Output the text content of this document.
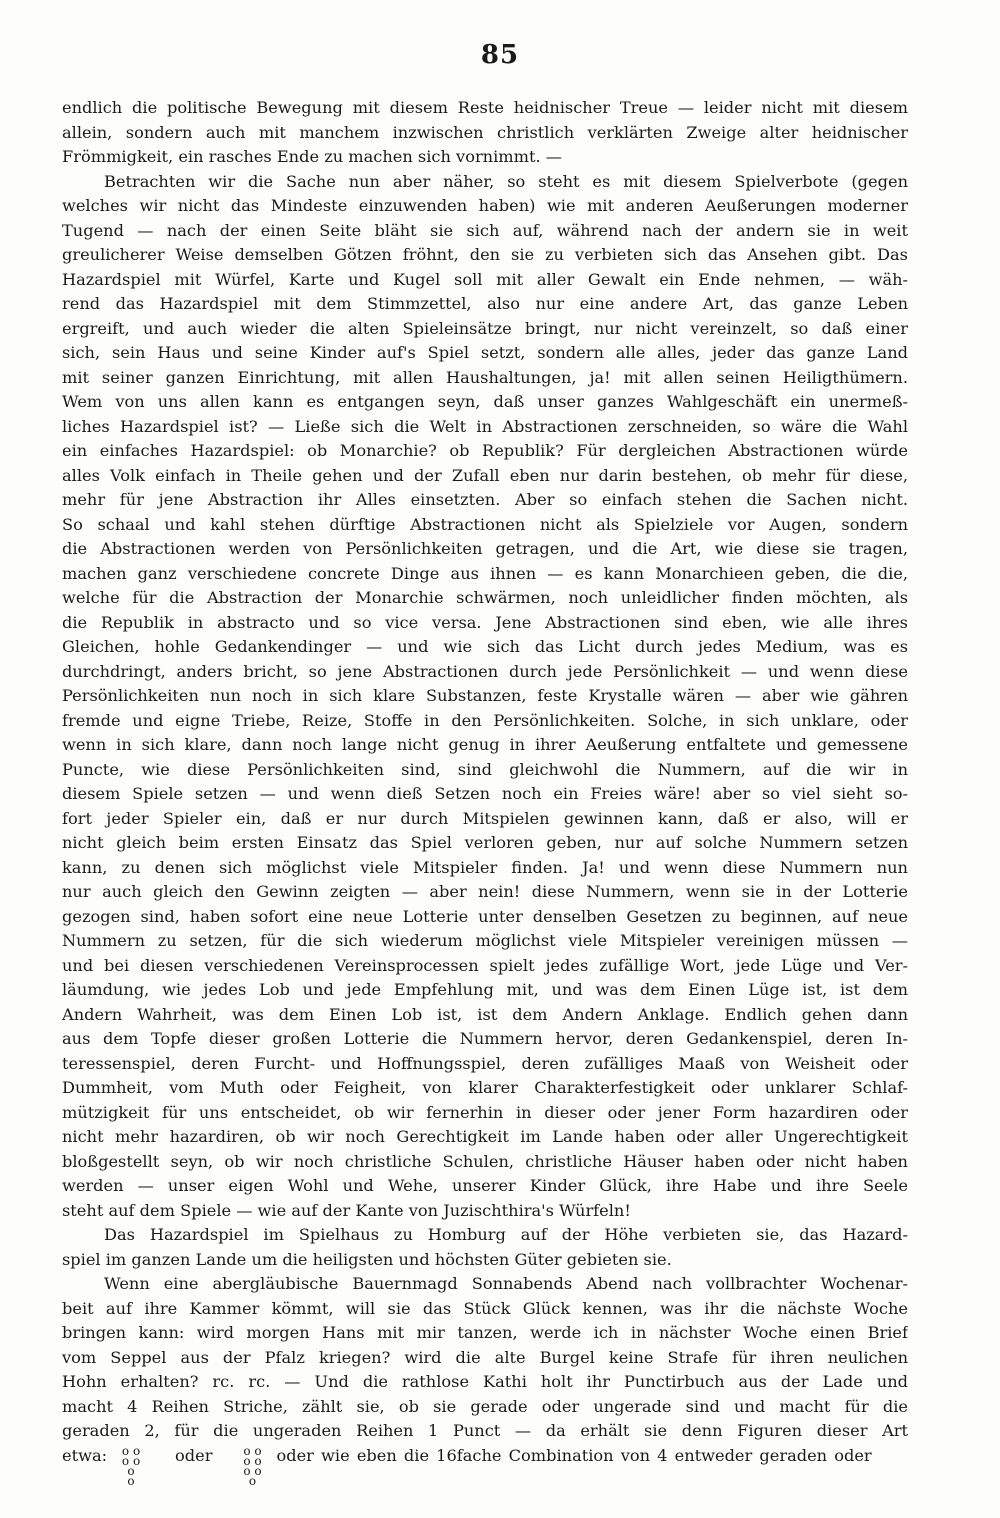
85
endlich die politische Bewegung mit diesem Reste heidnischer Treue — leider nicht mit diesem
allein, sondern auch mit manchem inzwischen christlich verklärten Zweige alter heidnischer
Frömmigkeit, ein rasches Ende zu machen sich vornimmt. —
Betrachten wir die Sache nun aber näher, so steht es mit diesem Spielverbote (gegen
welches wir nicht das Mindeste einzuwenden haben) wie mit anderen Aeußerungen moderner
Tugend — nach der einen Seite bläht sie sich auf, während nach der andern sie in weit
greulicherer Weise demselben Götzen fröhnt, den sie zu verbieten sich das Ansehen gibt. Das
Hazardspiel mit Würfel, Karte und Kugel soll mit aller Gewalt ein Ende nehmen, — wäh-
rend das Hazardspiel mit dem Stimmzettel, also nur eine andere Art, das ganze Leben
ergreift, und auch wieder die alten Spieleinsätze bringt, nur nicht vereinzelt, so daß einer
sich, sein Haus und seine Kinder auf's Spiel setzt, sondern alle alles, jeder das ganze Land
mit seiner ganzen Einrichtung, mit allen Haushaltungen, ja! mit allen seinen Heiligthümern.
Wem von uns allen kann es entgangen seyn, daß unser ganzes Wahlgeschäft ein unermeß-
liches Hazardspiel ist? — Ließe sich die Welt in Abstractionen zerschneiden, so wäre die Wahl
ein einfaches Hazardspiel: ob Monarchie? ob Republik? Für dergleichen Abstractionen würde
alles Volk einfach in Theile gehen und der Zufall eben nur darin bestehen, ob mehr für diese,
mehr für jene Abstraction ihr Alles einsetzten. Aber so einfach stehen die Sachen nicht.
So schaal und kahl stehen dürftige Abstractionen nicht als Spielziele vor Augen, sondern
die Abstractionen werden von Persönlichkeiten getragen, und die Art, wie diese sie tragen,
machen ganz verschiedene concrete Dinge aus ihnen — es kann Monarchieen geben, die die,
welche für die Abstraction der Monarchie schwärmen, noch unleidlicher finden möchten, als
die Republik in abstracto und so vice versa. Jene Abstractionen sind eben, wie alle ihres
Gleichen, hohle Gedankendinger — und wie sich das Licht durch jedes Medium, was es
durchdringt, anders bricht, so jene Abstractionen durch jede Persönlichkeit — und wenn diese
Persönlichkeiten nun noch in sich klare Substanzen, feste Krystalle wären — aber wie gähren
fremde und eigne Triebe, Reize, Stoffe in den Persönlichkeiten. Solche, in sich unklare, oder
wenn in sich klare, dann noch lange nicht genug in ihrer Aeußerung entfaltete und gemessene
Puncte, wie diese Persönlichkeiten sind, sind gleichwohl die Nummern, auf die wir in
diesem Spiele setzen — und wenn dieß Setzen noch ein Freies wäre! aber so viel sieht so-
fort jeder Spieler ein, daß er nur durch Mitspielen gewinnen kann, daß er also, will er
nicht gleich beim ersten Einsatz das Spiel verloren geben, nur auf solche Nummern setzen
kann, zu denen sich möglichst viele Mitspieler finden. Ja! und wenn diese Nummern nun
nur auch gleich den Gewinn zeigten — aber nein! diese Nummern, wenn sie in der Lotterie
gezogen sind, haben sofort eine neue Lotterie unter denselben Gesetzen zu beginnen, auf neue
Nummern zu setzen, für die sich wiederum möglichst viele Mitspieler vereinigen müssen —
und bei diesen verschiedenen Vereinsprocessen spielt jedes zufällige Wort, jede Lüge und Ver-
läumdung, wie jedes Lob und jede Empfehlung mit, und was dem Einen Lüge ist, ist dem
Andern Wahrheit, was dem Einen Lob ist, ist dem Andern Anklage. Endlich gehen dann
aus dem Topfe dieser großen Lotterie die Nummern hervor, deren Gedankenspiel, deren In-
teressenspiel, deren Furcht- und Hoffnungsspiel, deren zufälliges Maaß von Weisheit oder
Dummheit, vom Muth oder Feigheit, von klarer Charakterfestigkeit oder unklarer Schlaf-
mützigkeit für uns entscheidet, ob wir fernerhin in dieser oder jener Form hazardiren oder
nicht mehr hazardiren, ob wir noch Gerechtigkeit im Lande haben oder aller Ungerechtigkeit
bloßgestellt seyn, ob wir noch christliche Schulen, christliche Häuser haben oder nicht haben
werden — unser eigen Wohl und Wehe, unserer Kinder Glück, ihre Habe und ihre Seele
steht auf dem Spiele — wie auf der Kante von Juzischthira's Würfeln!
Das Hazardspiel im Spielhaus zu Homburg auf der Höhe verbieten sie, das Hazard-
spiel im ganzen Lande um die heiligsten und höchsten Güter gebieten sie.
Wenn eine abergläubische Bauernmagd Sonnabends Abend nach vollbrachter Wochenar-
beit auf ihre Kammer kömmt, will sie das Stück Glück kennen, was ihr die nächste Woche
bringen kann: wird morgen Hans mit mir tanzen, werde ich in nächster Woche einen Brief
vom Seppel aus der Pfalz kriegen? wird die alte Burgel keine Strafe für ihren neulichen
Hohn erhalten? rc. rc. — Und die rathlose Kathi holt ihr Punctirbuch aus der Lade und
macht 4 Reihen Striche, zählt sie, ob sie gerade oder ungerade sind und macht für die
geraden 2, für die ungeraden Reihen 1 Punct — da erhält sie denn Figuren dieser Art
etwa: o o
o o
o
o
oder	o o
o o
o o
o
oder wie eben die 16fache Combination von 4 entweder geraden oder
